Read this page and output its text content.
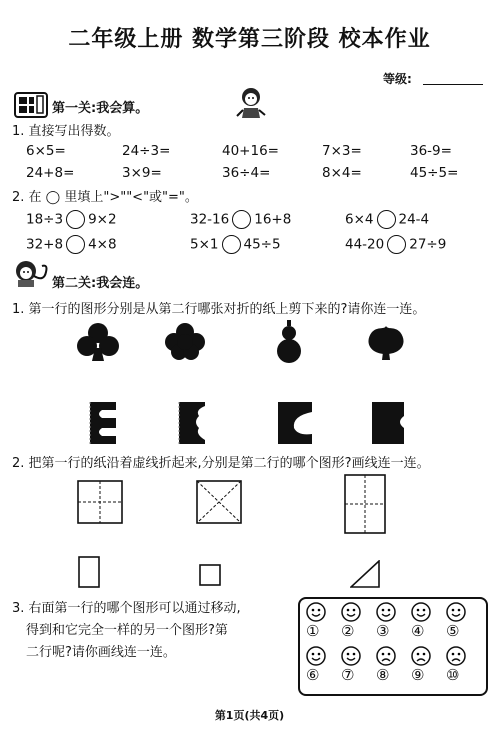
二年级上册 数学第三阶段 校本作业
等级:
第一关:我会算。
1. 直接写出得数。
6×5=	24÷3=	40+16=	7×3=	36-9=
24+8=	3×9=	36÷4=	8×4=	45÷5=
2. 在 ◯ 里填上">""<"或"="。
18÷3 9×2	32-16 16+8	6×4 24-4
32+8 4×8	5×1 45÷5	44-20 27÷9
第二关:我会连。
1. 第一行的图形分别是从第二行哪张对折的纸上剪下来的?请你连一连。
2. 把第一行的纸沿着虚线折起来,分别是第二行的哪个图形?画线连一连。
3. 右面第一行的哪个图形可以通过移动,
得到和它完全一样的另一个图形?第
二行呢?请你画线连一连。
① ② ③ ④ ⑤
⑥ ⑦ ⑧ ⑨ ⑩
第1页(共4页)
